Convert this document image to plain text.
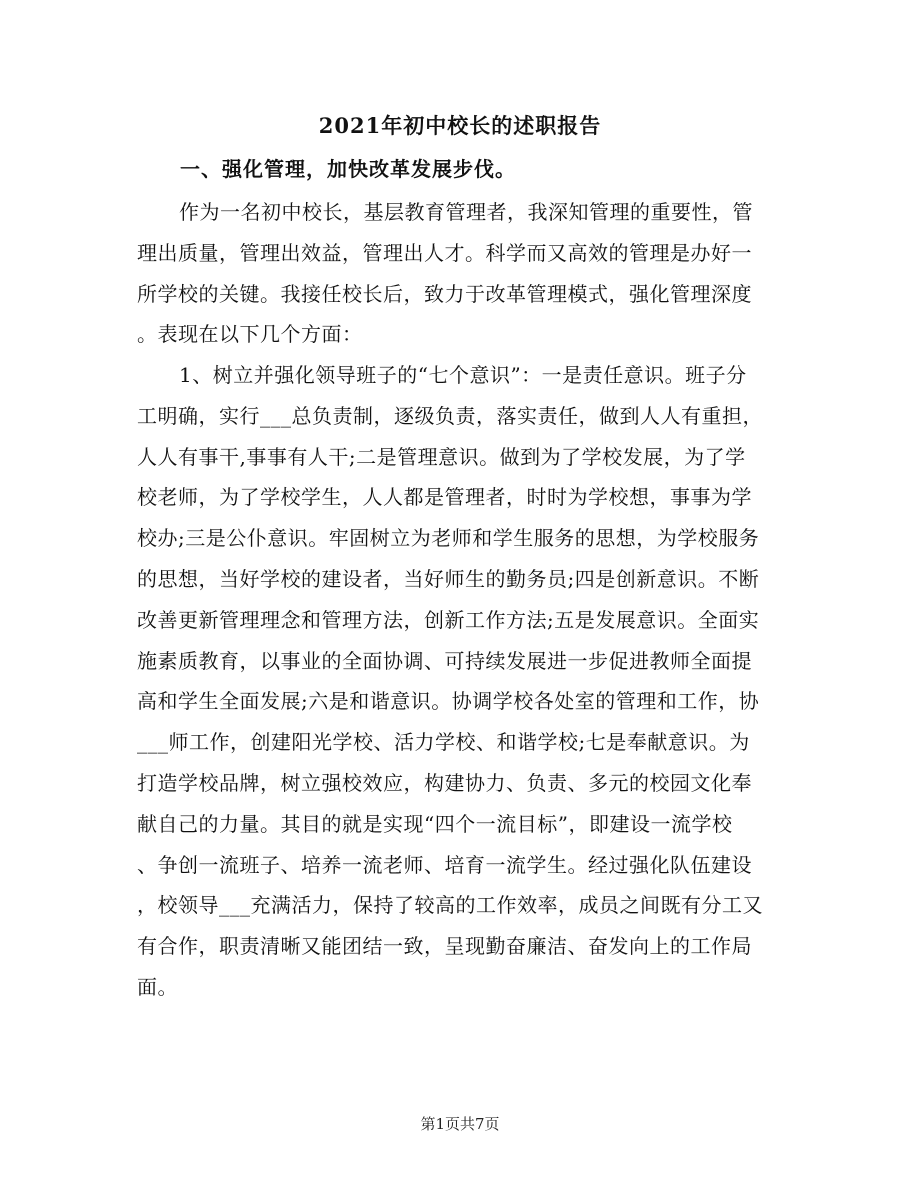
2021年初中校长的述职报告
一、强化管理，加快改革发展步伐。
作为一名初中校长，基层教育管理者，我深知管理的重要性，管
理出质量，管理出效益，管理出人才。科学而又高效的管理是办好一
所学校的关键。我接任校长后，致力于改革管理模式，强化管理深度
。表现在以下几个方面：
1、树立并强化领导班子的“七个意识”：一是责任意识。班子分
工明确，实行___总负责制，逐级负责，落实责任，做到人人有重担，
人人有事干,事事有人干;二是管理意识。做到为了学校发展，为了学
校老师，为了学校学生，人人都是管理者，时时为学校想，事事为学
校办;三是公仆意识。牢固树立为老师和学生服务的思想，为学校服务
的思想，当好学校的建设者，当好师生的勤务员;四是创新意识。不断
改善更新管理理念和管理方法，创新工作方法;五是发展意识。全面实
施素质教育，以事业的全面协调、可持续发展进一步促进教师全面提
高和学生全面发展;六是和谐意识。协调学校各处室的管理和工作，协
___师工作，创建阳光学校、活力学校、和谐学校;七是奉献意识。为
打造学校品牌，树立强校效应，构建协力、负责、多元的校园文化奉
献自己的力量。其目的就是实现“四个一流目标”，即建设一流学校
、争创一流班子、培养一流老师、培育一流学生。经过强化队伍建设
，校领导___充满活力，保持了较高的工作效率，成员之间既有分工又
有合作，职责清晰又能团结一致，呈现勤奋廉洁、奋发向上的工作局
面。
第1页共7页
